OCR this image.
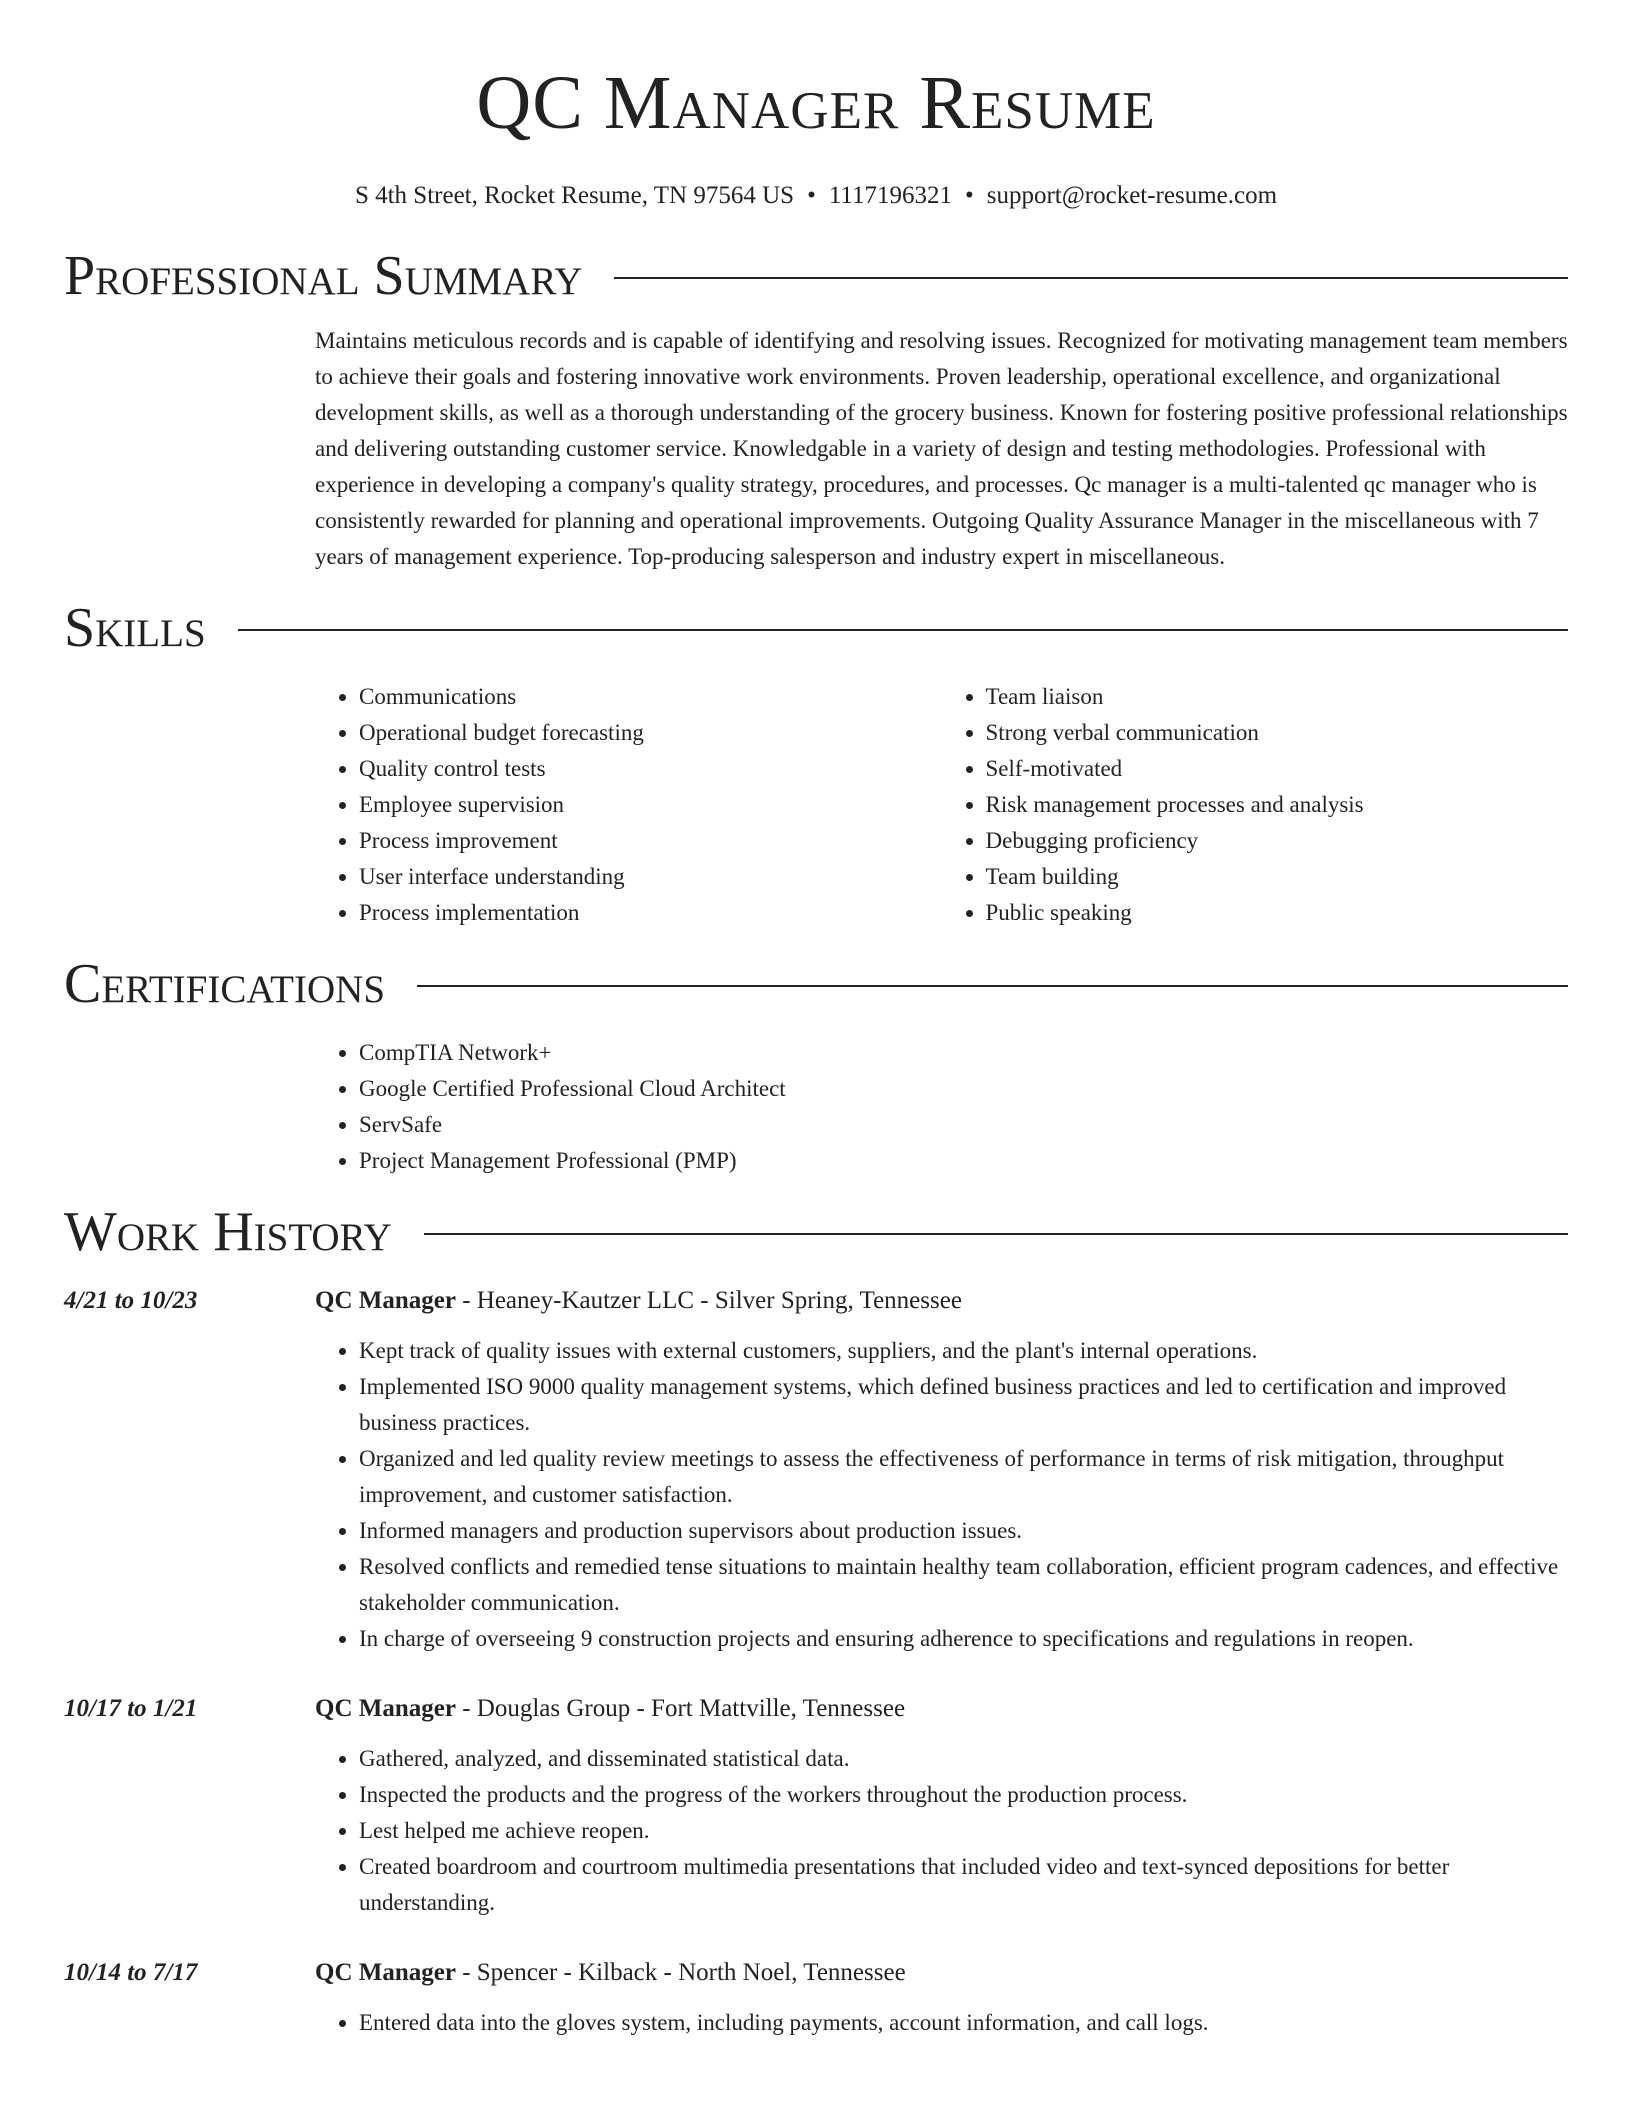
QC Manager Resume
S 4th Street, Rocket Resume, TN 97564 US • 1117196321 • support@rocket-resume.com
Professional Summary

Maintains meticulous records and is capable of identifying and resolving issues. Recognized for motivating management team members to achieve their goals and fostering innovative work environments. Proven leadership, operational excellence, and organizational development skills, as well as a thorough understanding of the grocery business. Known for fostering positive professional relationships and delivering outstanding customer service. Knowledgable in a variety of design and testing methodologies. Professional with experience in developing a company's quality strategy, procedures, and processes. Qc manager is a multi-talented qc manager who is consistently rewarded for planning and operational improvements. Outgoing Quality Assurance Manager in the miscellaneous with 7 years of management experience. Top-producing salesperson and industry expert in miscellaneous.

Skills
• Communications
• Operational budget forecasting
• Quality control tests
• Employee supervision
• Process improvement
• User interface understanding
• Process implementation
• Team liaison
• Strong verbal communication
• Self-motivated
• Risk management processes and analysis
• Debugging proficiency
• Team building
• Public speaking
Certifications
• CompTIA Network+
• Google Certified Professional Cloud Architect
• ServSafe
• Project Management Professional (PMP)
Work History
4/21 to 10/23	QC Manager - Heaney-Kautzer LLC - Silver Spring, Tennessee
• Kept track of quality issues with external customers, suppliers, and the plant's internal operations.
• Implemented ISO 9000 quality management systems, which defined business practices and led to certification and improved business practices.
• Organized and led quality review meetings to assess the effectiveness of performance in terms of risk mitigation, throughput improvement, and customer satisfaction.
• Informed managers and production supervisors about production issues.
• Resolved conflicts and remedied tense situations to maintain healthy team collaboration, efficient program cadences, and effective stakeholder communication.
• In charge of overseeing 9 construction projects and ensuring adherence to specifications and regulations in reopen.
10/17 to 1/21	QC Manager - Douglas Group - Fort Mattville, Tennessee
• Gathered, analyzed, and disseminated statistical data.
• Inspected the products and the progress of the workers throughout the production process.
• Lest helped me achieve reopen.
• Created boardroom and courtroom multimedia presentations that included video and text-synced depositions for better understanding.
10/14 to 7/17	QC Manager - Spencer - Kilback - North Noel, Tennessee
• Entered data into the gloves system, including payments, account information, and call logs.
